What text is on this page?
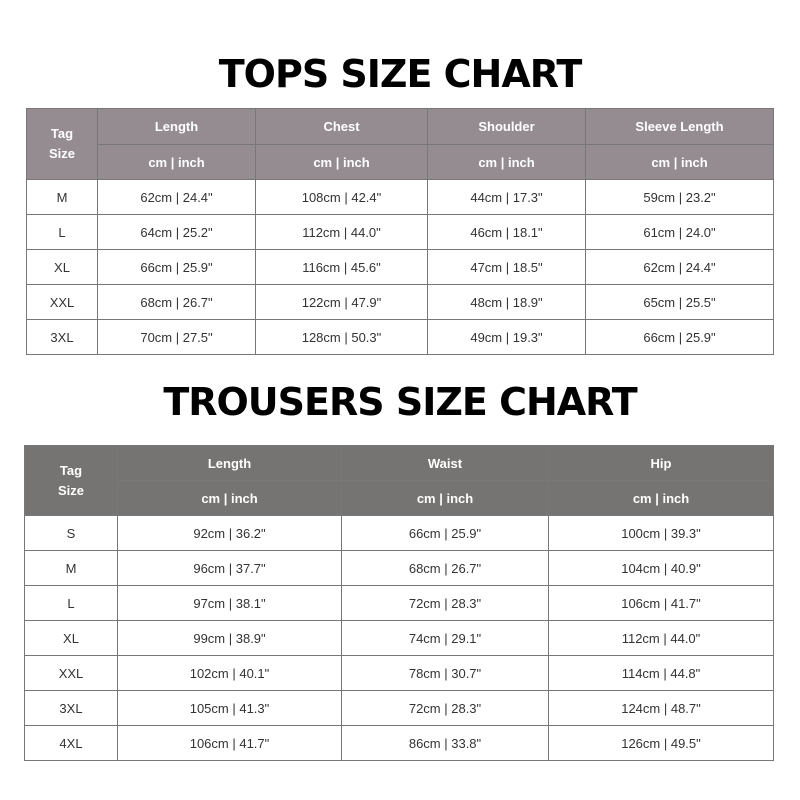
TOPS SIZE CHART
Tag
Size	Length	Chest	Shoulder	Sleeve Length
	cm | inch	cm | inch	cm | inch	cm | inch
M	62cm | 24.4"	108cm | 42.4"	44cm | 17.3"	59cm | 23.2"
L	64cm | 25.2"	112cm | 44.0"	46cm | 18.1"	61cm | 24.0"
XL	66cm | 25.9"	116cm | 45.6"	47cm | 18.5"	62cm | 24.4"
XXL	68cm | 26.7"	122cm | 47.9"	48cm | 18.9"	65cm | 25.5"
3XL	70cm | 27.5"	128cm | 50.3"	49cm | 19.3"	66cm | 25.9"
TROUSERS SIZE CHART
Tag
Size	Length	Waist	Hip
	cm | inch	cm | inch	cm | inch
S	92cm | 36.2"	66cm | 25.9"	100cm | 39.3"
M	96cm | 37.7"	68cm | 26.7"	104cm | 40.9"
L	97cm | 38.1"	72cm | 28.3"	106cm | 41.7"
XL	99cm | 38.9"	74cm | 29.1"	112cm | 44.0"
XXL	102cm | 40.1"	78cm | 30.7"	114cm | 44.8"
3XL	105cm | 41.3"	72cm | 28.3"	124cm | 48.7"
4XL	106cm | 41.7"	86cm | 33.8"	126cm | 49.5"
